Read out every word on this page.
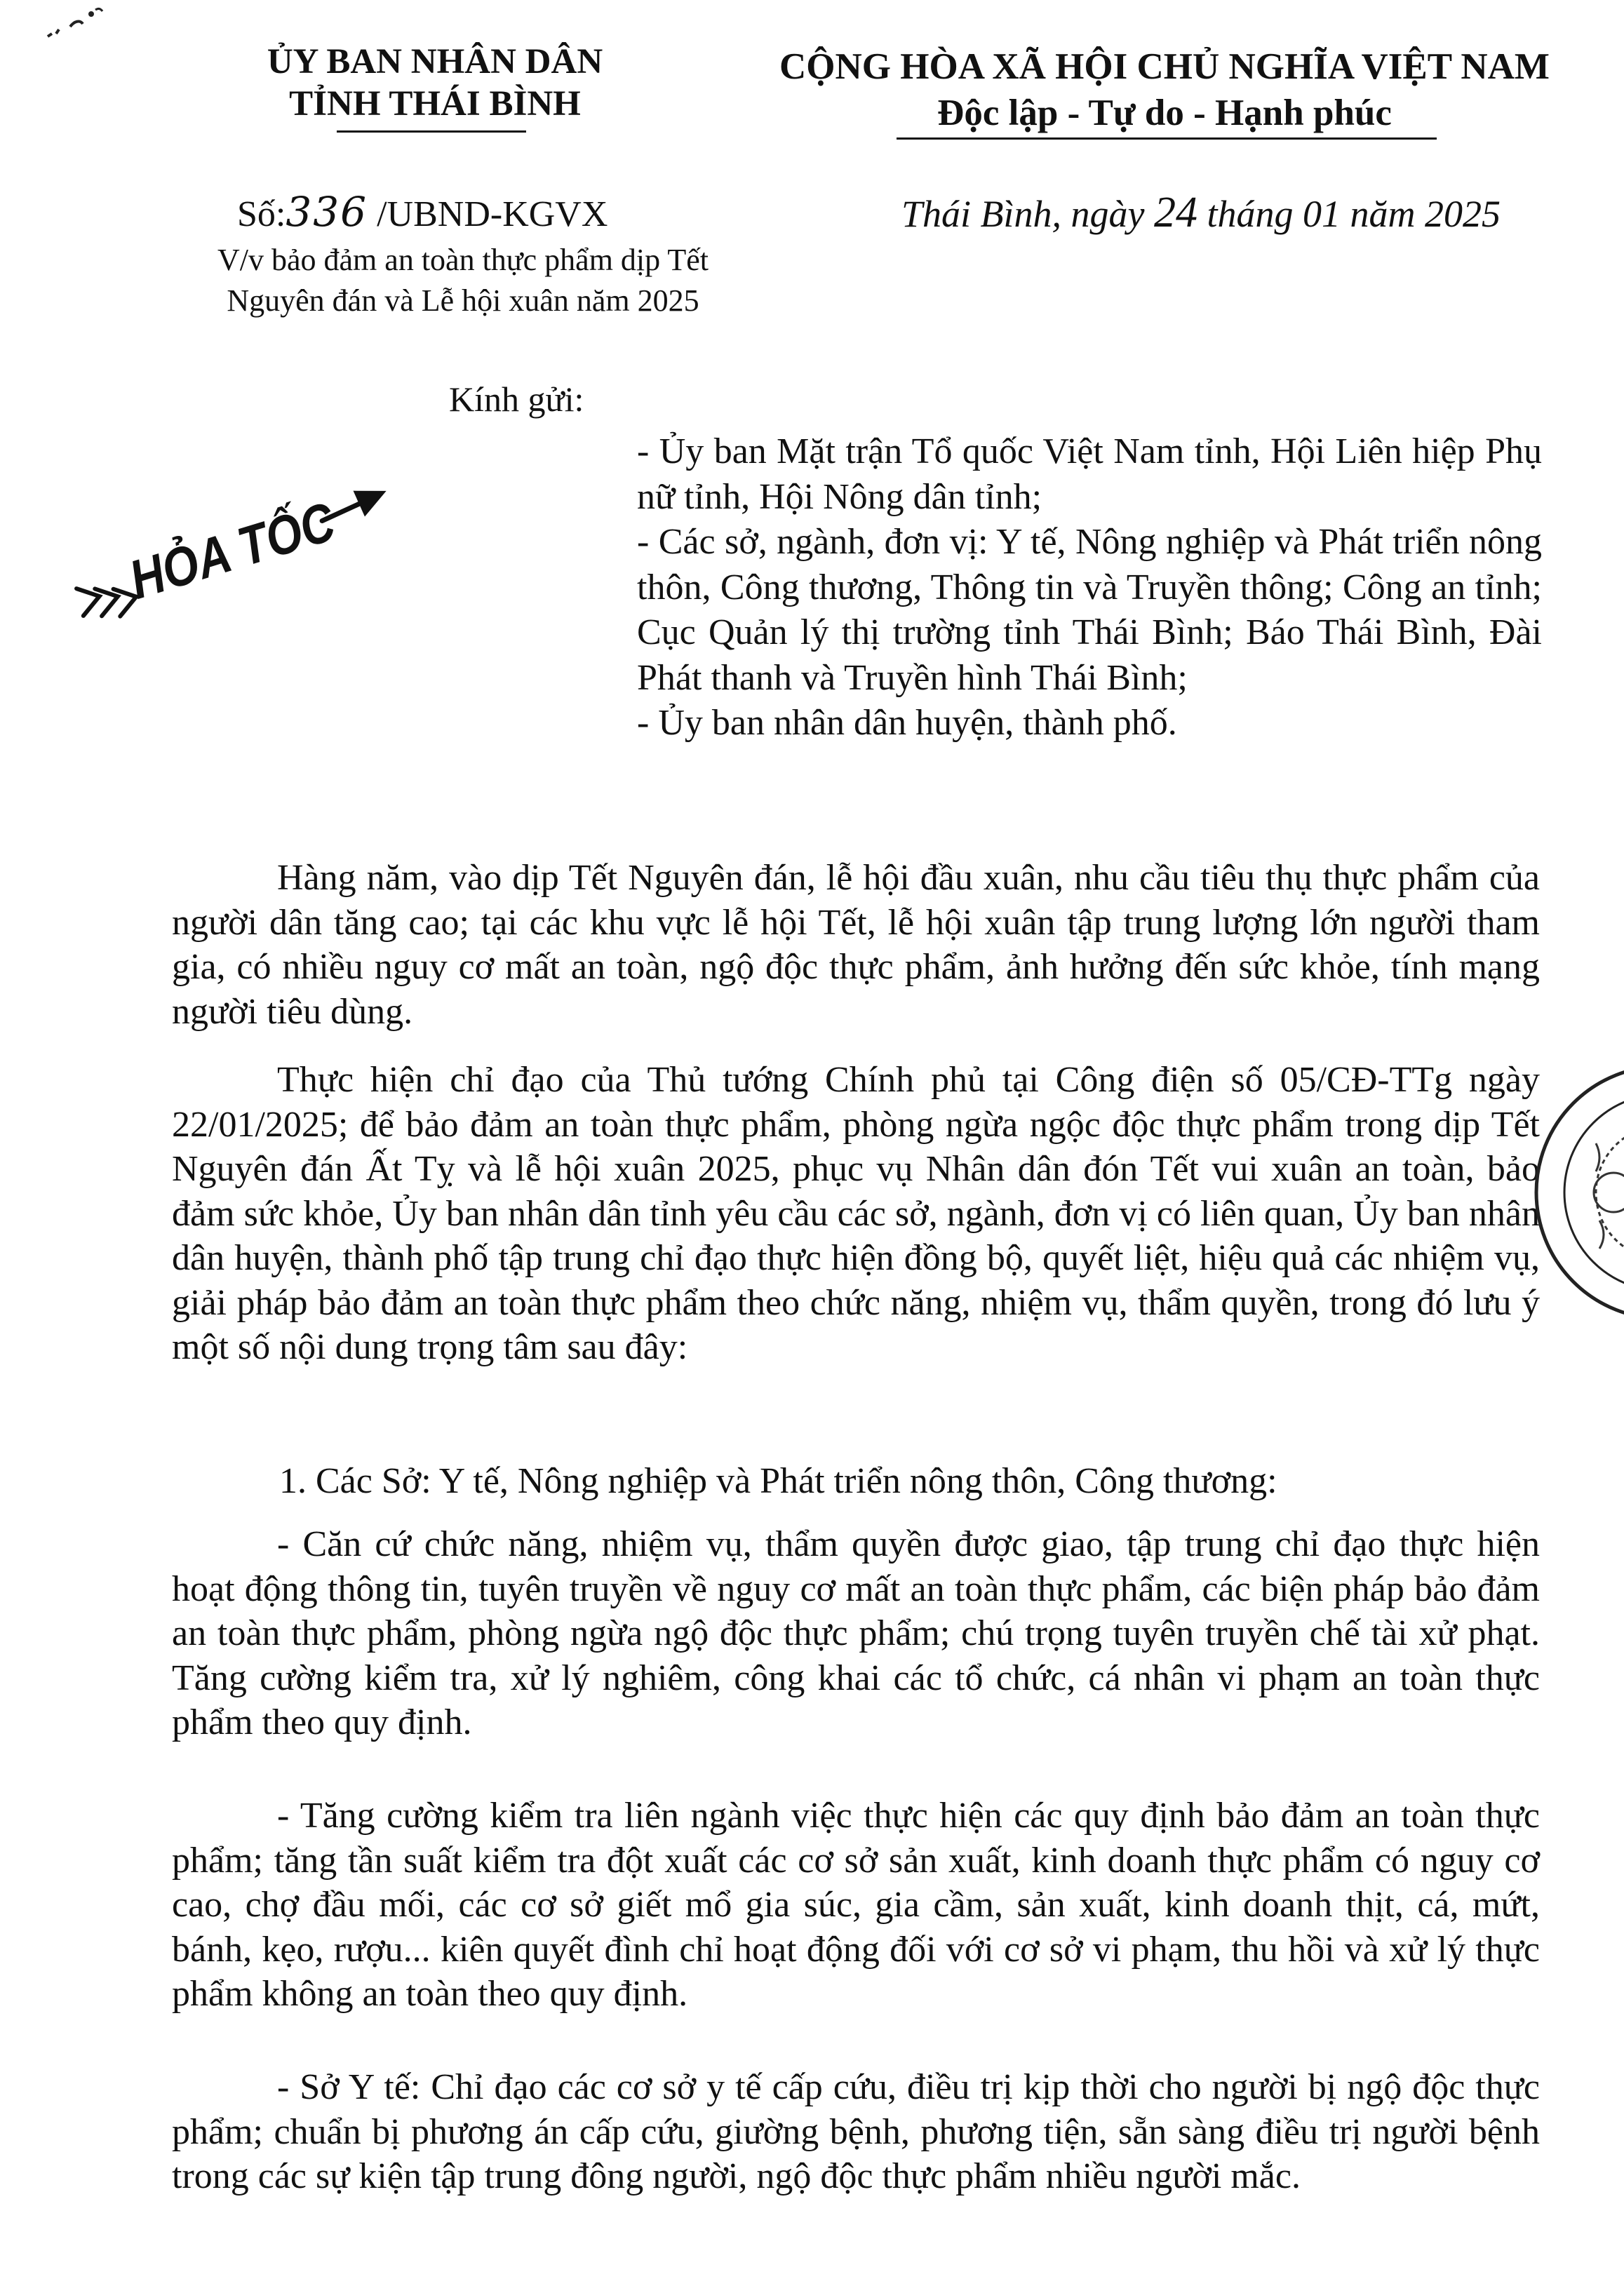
ỦY BAN NHÂN DÂN
TỈNH THÁI BÌNH
CỘNG HÒA XÃ HỘI CHỦ NGHĨA VIỆT NAM
Độc lập - Tự do - Hạnh phúc
Số:336 /UBND-KGVX	Thái Bình, ngày 24 tháng 01 năm 2025
V/v bảo đảm an toàn thực phẩm dịp Tết
Nguyên đán và Lễ hội xuân năm 2025
Kính gửi:

- Ủy ban Mặt trận Tổ quốc Việt Nam tỉnh, Hội Liên hiệp Phụ nữ tỉnh, Hội Nông dân tỉnh;

- Các sở, ngành, đơn vị: Y tế, Nông nghiệp và Phát triển nông thôn, Công thương, Thông tin và Truyền thông; Công an tỉnh; Cục Quản lý thị trường tỉnh Thái Bình; Báo Thái Bình, Đài Phát thanh và Truyền hình Thái Bình;

- Ủy ban nhân dân huyện, thành phố.

HỎA TỐC
Hàng năm, vào dịp Tết Nguyên đán, lễ hội đầu xuân, nhu cầu tiêu thụ thực phẩm của người dân tăng cao; tại các khu vực lễ hội Tết, lễ hội xuân tập trung lượng lớn người tham gia, có nhiều nguy cơ mất an toàn, ngộ độc thực phẩm, ảnh hưởng đến sức khỏe, tính mạng người tiêu dùng.
Thực hiện chỉ đạo của Thủ tướng Chính phủ tại Công điện số 05/CĐ-TTg ngày 22/01/2025; để bảo đảm an toàn thực phẩm, phòng ngừa ngộc độc thực phẩm trong dịp Tết Nguyên đán Ất Tỵ và lễ hội xuân 2025, phục vụ Nhân dân đón Tết vui xuân an toàn, bảo đảm sức khỏe, Ủy ban nhân dân tỉnh yêu cầu các sở, ngành, đơn vị có liên quan, Ủy ban nhân dân huyện, thành phố tập trung chỉ đạo thực hiện đồng bộ, quyết liệt, hiệu quả các nhiệm vụ, giải pháp bảo đảm an toàn thực phẩm theo chức năng, nhiệm vụ, thẩm quyền, trong đó lưu ý một số nội dung trọng tâm sau đây:
1. Các Sở: Y tế, Nông nghiệp và Phát triển nông thôn, Công thương:
- Căn cứ chức năng, nhiệm vụ, thẩm quyền được giao, tập trung chỉ đạo thực hiện hoạt động thông tin, tuyên truyền về nguy cơ mất an toàn thực phẩm, các biện pháp bảo đảm an toàn thực phẩm, phòng ngừa ngộ độc thực phẩm; chú trọng tuyên truyền chế tài xử phạt. Tăng cường kiểm tra, xử lý nghiêm, công khai các tổ chức, cá nhân vi phạm an toàn thực phẩm theo quy định.
- Tăng cường kiểm tra liên ngành việc thực hiện các quy định bảo đảm an toàn thực phẩm; tăng tần suất kiểm tra đột xuất các cơ sở sản xuất, kinh doanh thực phẩm có nguy cơ cao, chợ đầu mối, các cơ sở giết mổ gia súc, gia cầm, sản xuất, kinh doanh thịt, cá, mứt, bánh, kẹo, rượu... kiên quyết đình chỉ hoạt động đối với cơ sở vi phạm, thu hồi và xử lý thực phẩm không an toàn theo quy định.
- Sở Y tế: Chỉ đạo các cơ sở y tế cấp cứu, điều trị kịp thời cho người bị ngộ độc thực phẩm; chuẩn bị phương án cấp cứu, giường bệnh, phương tiện, sẵn sàng điều trị người bệnh trong các sự kiện tập trung đông người, ngộ độc thực phẩm nhiều người mắc.
